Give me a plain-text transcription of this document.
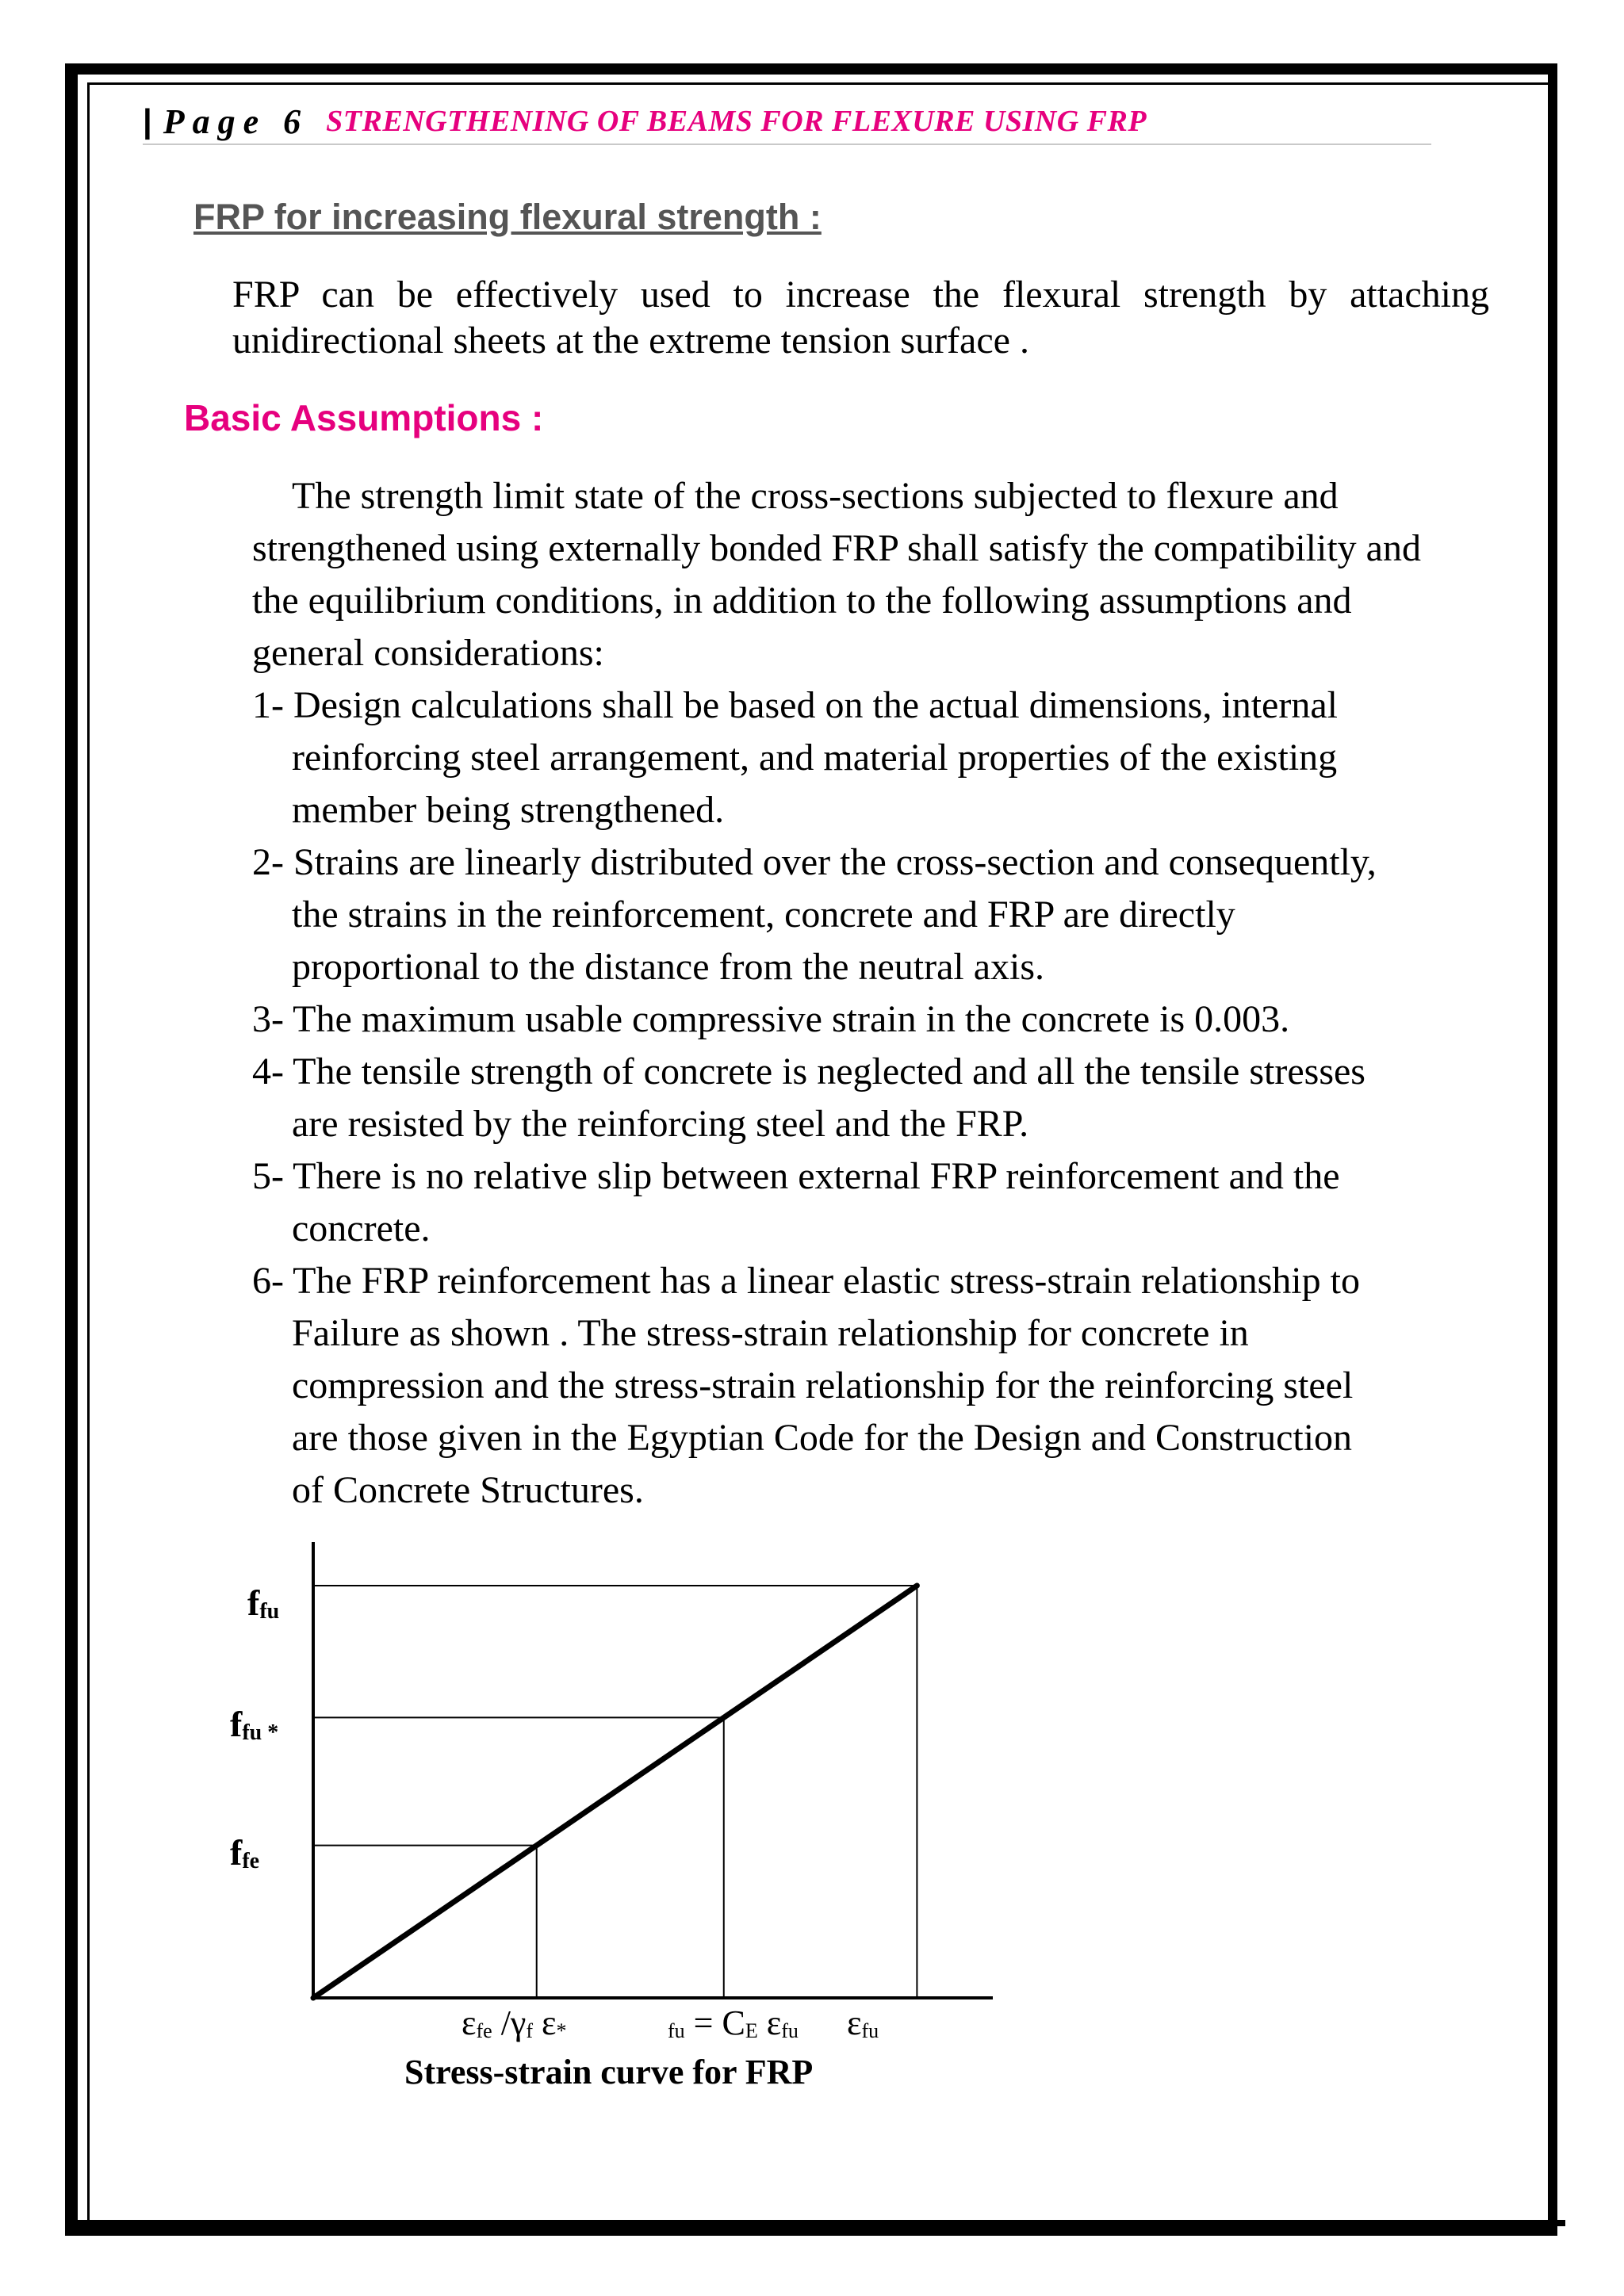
| Page 6 STRENGTHENING OF BEAMS FOR FLEXURE USING FRP
FRP for increasing flexural strength :

FRP can be effectively used to increase the flexural strength by attaching unidirectional sheets at the extreme tension surface .

Basic Assumptions :
The strength limit state of the cross-sections subjected to flexure and
strengthened using externally bonded FRP shall satisfy the compatibility and
the equilibrium conditions, in addition to the following assumptions and
general considerations:
1- Design calculations shall be based on the actual dimensions, internal
reinforcing steel arrangement, and material properties of the existing
member being strengthened.
2- Strains are linearly distributed over the cross-section and consequently,
the strains in the reinforcement, concrete and FRP are directly
proportional to the distance from the neutral axis.
3- The maximum usable compressive strain in the concrete is 0.003.
4- The tensile strength of concrete is neglected and all the tensile stresses
are resisted by the reinforcing steel and the FRP.
5- There is no relative slip between external FRP reinforcement and the
concrete.
6- The FRP reinforcement has a linear elastic stress-strain relationship to
Failure as shown . The stress-strain relationship for concrete in
compression and the stress-strain relationship for the reinforcing steel
are those given in the Egyptian Code for the Design and Construction
of Concrete Structures.
$f_{fu}$
$f_{fu}$ $_*$
$f_{fe}$
$\varepsilon_{fe}$ $/\gamma_f$ $\varepsilon_*$	$_{fu} = C_E$ $\varepsilon_{fu}$ $\varepsilon_{fu}$
Stress-strain curve for FRP
